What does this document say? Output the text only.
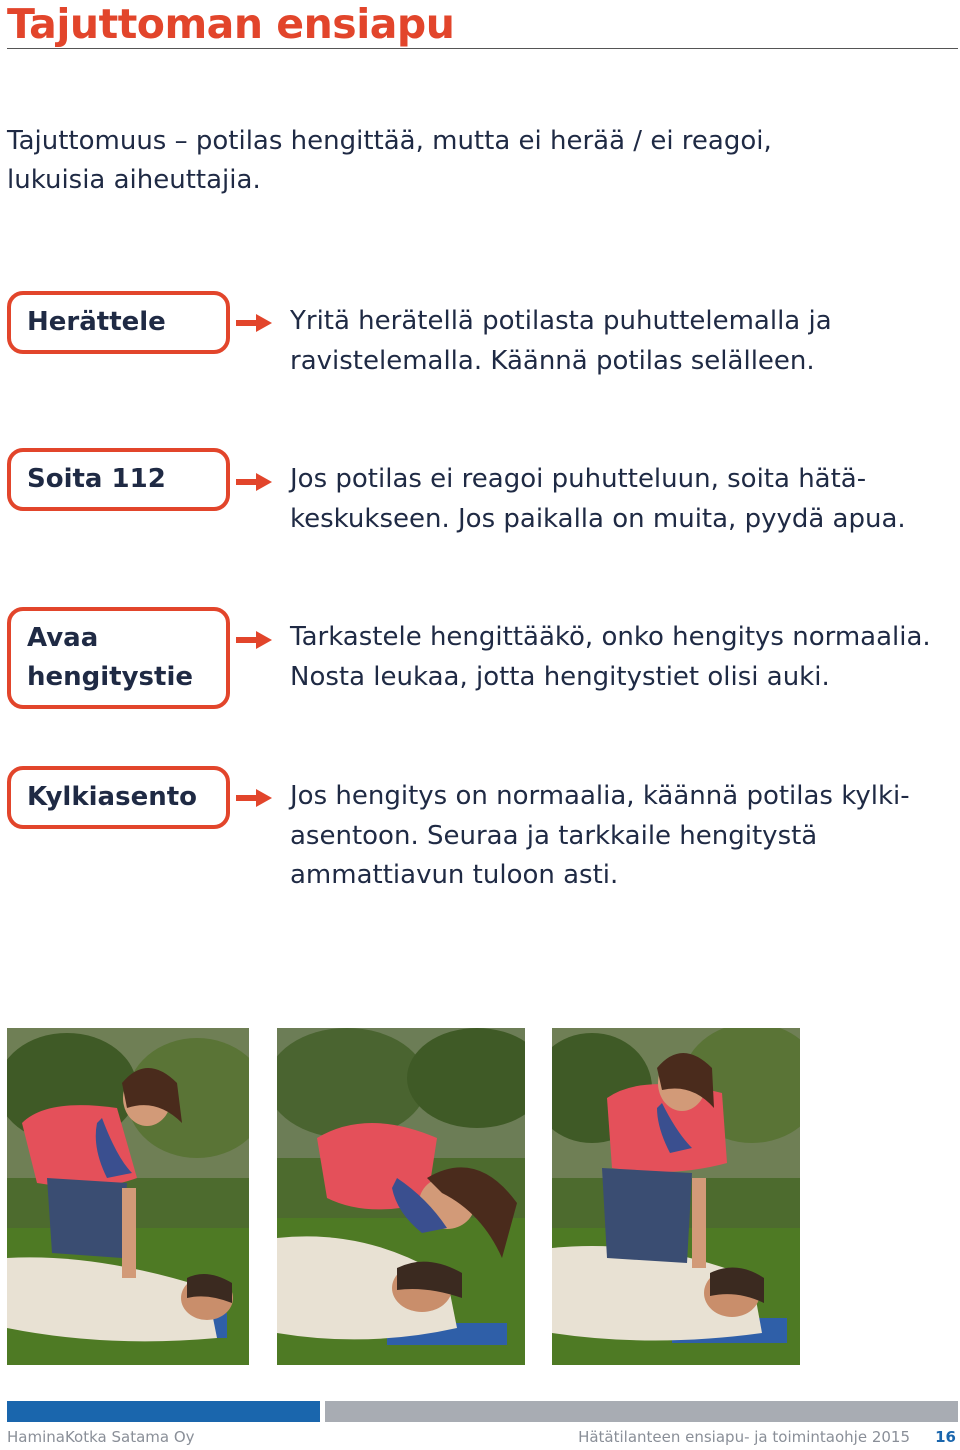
Tajuttoman ensiapu
Tajuttomuus – potilas hengittää, mutta ei herää / ei reagoi,
lukuisia aiheuttajia.
Herättele	Yritä herätellä potilasta puhuttelemalla ja
ravistelemalla. Käännä potilas selälleen.
Soita 112	Jos potilas ei reagoi puhutteluun, soita hätä-
keskukseen. Jos paikalla on muita, pyydä apua.
Avaa
hengitystie
Tarkastele hengittääkö, onko hengitys normaalia.
Nosta leukaa, jotta hengitystiet olisi auki.
Kylkiasento	Jos hengitys on normaalia, käännä potilas kylki-
asentoon. Seuraa ja tarkkaile hengitystä
ammattiavun tuloon asti.
HaminaKotka Satama Oy	Hätätilanteen ensiapu- ja toimintaohje 2015 16
